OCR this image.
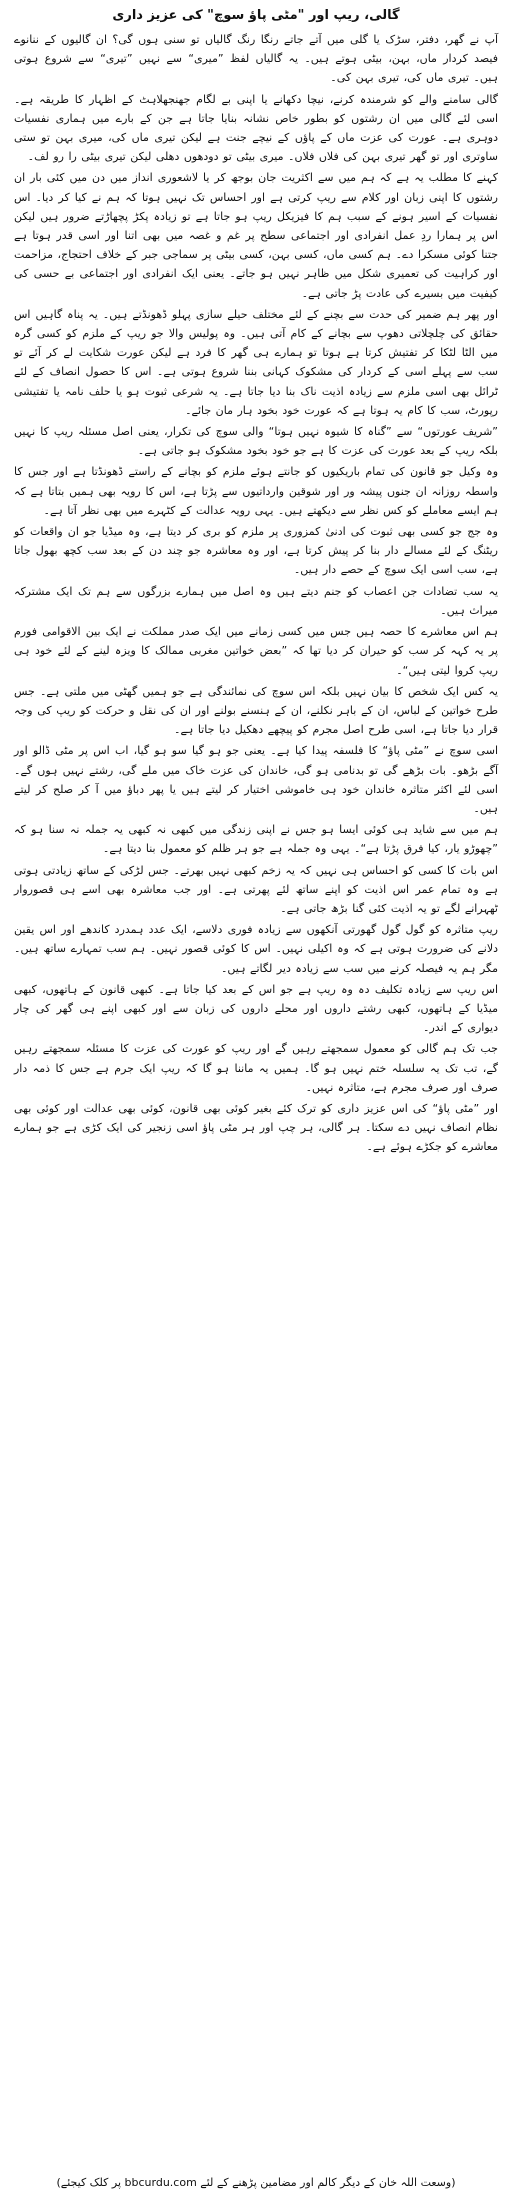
گالی، ریپ اور "مٹی پاؤ سوچ" کی عزیز داری

آپ نے گھر، دفتر، سڑک یا گلی میں آتے جاتے رنگا رنگ گالیاں تو سنی ہوں گی؟ ان گالیوں کے ننانوے فیصد کردار ماں، بہن، بیٹی ہوتے ہیں۔ یہ گالیاں لفظ ”میری“ سے نہیں ”تیری“ سے شروع ہوتی ہیں۔ تیری ماں کی، تیری بہن کی۔

گالی سامنے والے کو شرمندہ کرنے، نیچا دکھانے یا اپنی بے لگام جھنجھلاہٹ کے اظہار کا طریقہ ہے۔ اسی لئے گالی میں ان رشتوں کو بطور خاص نشانہ بنایا جاتا ہے جن کے بارے میں ہماری نفسیات دوہری ہے۔ عورت کی عزت ماں کے پاؤں کے نیچے جنت ہے لیکن تیری ماں کی، میری بہن تو ستی ساوتری اور تو گھر تیری بہن کی فلاں فلاں۔ میری بیٹی تو دودھوں دھلی لیکن تیری بیٹی را رو لف۔

کہنے کا مطلب یہ ہے کہ ہم میں سے اکثریت جان بوجھ کر یا لاشعوری انداز میں دن میں کئی بار ان رشتوں کا اپنی زبان اور کلام سے ریپ کرتی ہے اور احساس تک نہیں ہوتا کہ ہم نے کیا کر دیا۔ اس نفسیات کے اسیر ہونے کے سبب ہم کا فیزیکل ریپ ہو جاتا ہے تو زیادہ پکڑ پچھاڑتے ضرور ہیں لیکن اس پر ہمارا ردِ عمل انفرادی اور اجتماعی سطح پر غم و غصہ میں بھی اتنا اور اسی قدر ہوتا ہے جتنا کوئی مسکرا دے۔ ہم کسی ماں، کسی بہن، کسی بیٹی پر سماجی جبر کے خلاف احتجاج، مزاحمت اور کراہیت کی تعمیری شکل میں ظاہر نہیں ہو جاتے۔ یعنی ایک انفرادی اور اجتماعی بے حسی کی کیفیت میں بسیرے کی عادت پڑ جاتی ہے۔

اور پھر ہم ضمیر کی حدت سے بچنے کے لئے مختلف حیلے سازی پہلو ڈھونڈتے ہیں۔ یہ پناہ گاہیں اس حقائق کی چلچلاتی دھوپ سے بچانے کے کام آتی ہیں۔ وہ پولیس والا جو ریپ کے ملزم کو کسی گرہ میں الٹا لٹکا کر تفتیش کرتا ہے ہوتا تو ہمارے ہی گھر کا فرد ہے لیکن عورت شکایت لے کر آئے تو سب سے پہلے اسی کے کردار کی مشکوک کہانی بننا شروع ہوتی ہے۔ اس کا حصول انصاف کے لئے ٹرائل بھی اسی ملزم سے زیادہ اذیت ناک بنا دیا جاتا ہے۔ یہ شرعی ثبوت ہو یا حلف نامہ یا تفتیشی رپورٹ، سب کا کام یہ ہوتا ہے کہ عورت خود بخود ہار مان جائے۔

”شریف عورتوں“ سے ”گناہ کا شیوہ نہیں ہوتا“ والی سوچ کی تکرار، یعنی اصل مسئلہ ریپ کا نہیں بلکہ ریپ کے بعد عورت کی عزت کا ہے جو خود بخود مشکوک ہو جاتی ہے۔

وہ وکیل جو قانون کی تمام باریکیوں کو جانتے ہوئے ملزم کو بچانے کے راستے ڈھونڈتا ہے اور جس کا واسطہ روزانہ ان جنوں پیشہ ور اور شوقین وارداتیوں سے پڑتا ہے، اس کا رویہ بھی ہمیں بتاتا ہے کہ ہم ایسے معاملے کو کس نظر سے دیکھتے ہیں۔ یہی رویہ عدالت کے کٹہرے میں بھی نظر آتا ہے۔

وہ جج جو کسی بھی ثبوت کی ادنیٰ کمزوری پر ملزم کو بری کر دیتا ہے، وہ میڈیا جو ان واقعات کو ریٹنگ کے لئے مسالے دار بنا کر پیش کرتا ہے، اور وہ معاشرہ جو چند دن کے بعد سب کچھ بھول جاتا ہے، سب اسی ایک سوچ کے حصے دار ہیں۔

یہ سب تضادات جن اعصاب کو جنم دیتے ہیں وہ اصل میں ہمارے بزرگوں سے ہم تک ایک مشترکہ میراث ہیں۔

ہم اس معاشرے کا حصہ ہیں جس میں کسی زمانے میں ایک صدر مملکت نے ایک بین الاقوامی فورم پر یہ کہہ کر سب کو حیران کر دیا تھا کہ ”بعض خواتین مغربی ممالک کا ویزہ لینے کے لئے خود ہی ریپ کروا لیتی ہیں“۔

یہ کس ایک شخص کا بیان نہیں بلکہ اس سوچ کی نمائندگی ہے جو ہمیں گھٹی میں ملتی ہے۔ جس طرح خواتین کے لباس، ان کے باہر نکلنے، ان کے ہنسنے بولنے اور ان کی نقل و حرکت کو ریپ کی وجہ قرار دیا جاتا ہے، اسی طرح اصل مجرم کو پیچھے دھکیل دیا جاتا ہے۔

اسی سوچ نے ”مٹی پاؤ“ کا فلسفہ پیدا کیا ہے۔ یعنی جو ہو گیا سو ہو گیا، اب اس پر مٹی ڈالو اور آگے بڑھو۔ بات بڑھے گی تو بدنامی ہو گی، خاندان کی عزت خاک میں ملے گی، رشتے نہیں ہوں گے۔ اسی لئے اکثر متاثرہ خاندان خود ہی خاموشی اختیار کر لیتے ہیں یا پھر دباؤ میں آ کر صلح کر لیتے ہیں۔

ہم میں سے شاید ہی کوئی ایسا ہو جس نے اپنی زندگی میں کبھی نہ کبھی یہ جملہ نہ سنا ہو کہ ”چھوڑو یار، کیا فرق پڑتا ہے“۔ یہی وہ جملہ ہے جو ہر ظلم کو معمول بنا دیتا ہے۔

اس بات کا کسی کو احساس ہی نہیں کہ یہ زخم کبھی نہیں بھرتے۔ جس لڑکی کے ساتھ زیادتی ہوتی ہے وہ تمام عمر اس اذیت کو اپنے ساتھ لئے پھرتی ہے۔ اور جب معاشرہ بھی اسے ہی قصوروار ٹھہرانے لگے تو یہ اذیت کئی گنا بڑھ جاتی ہے۔

ریپ متاثرہ کو گول گول گھورتی آنکھوں سے زیادہ فوری دلاسے، ایک عدد ہمدرد کاندھے اور اس یقین دلانے کی ضرورت ہوتی ہے کہ وہ اکیلی نہیں۔ اس کا کوئی قصور نہیں۔ ہم سب تمہارے ساتھ ہیں۔ مگر ہم یہ فیصلہ کرنے میں سب سے زیادہ دیر لگاتے ہیں۔

اس ریپ سے زیادہ تکلیف دہ وہ ریپ ہے جو اس کے بعد کیا جاتا ہے۔ کبھی قانون کے ہاتھوں، کبھی میڈیا کے ہاتھوں، کبھی رشتے داروں اور محلے داروں کی زبان سے اور کبھی اپنے ہی گھر کی چار دیواری کے اندر۔

جب تک ہم گالی کو معمول سمجھتے رہیں گے اور ریپ کو عورت کی عزت کا مسئلہ سمجھتے رہیں گے، تب تک یہ سلسلہ ختم نہیں ہو گا۔ ہمیں یہ ماننا ہو گا کہ ریپ ایک جرم ہے جس کا ذمہ دار صرف اور صرف مجرم ہے، متاثرہ نہیں۔

اور ”مٹی پاؤ“ کی اس عزیز داری کو ترک کئے بغیر کوئی بھی قانون، کوئی بھی عدالت اور کوئی بھی نظام انصاف نہیں دے سکتا۔ ہر گالی، ہر چپ اور ہر مٹی پاؤ اسی زنجیر کی ایک کڑی ہے جو ہمارے معاشرے کو جکڑے ہوئے ہے۔

(وسعت اللہ خان کے دیگر کالم اور مضامین پڑھنے کے لئے bbcurdu.com پر کلک کیجئے)
